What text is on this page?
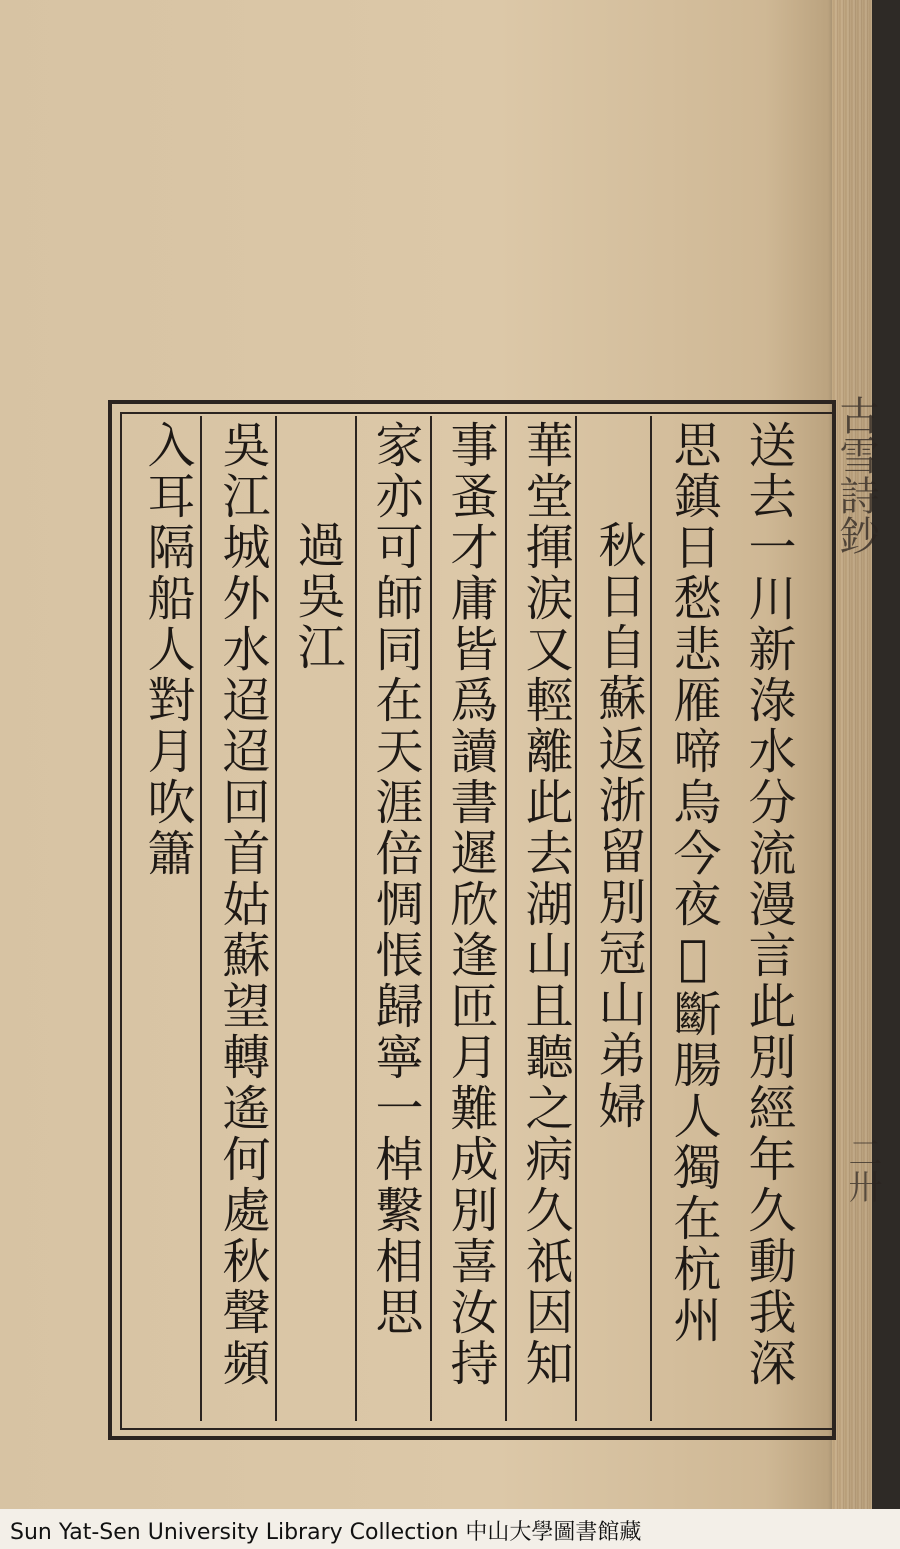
古雪詩鈔
二卅
送去一川新淥水分流漫言此別經年久動我深
思鎮日愁悲雁啼烏今夜𣲖斷腸人獨在杭州
秋日自蘇返浙留別冠山弟婦
華堂揮涙又輕離此去湖山且聽之病久祇因知
事蚤才庸皆爲讀書遲欣逢匝月難成別喜汝持
家亦可師同在天涯倍惆悵歸寧一棹繫相思
過吳江
吳江城外水迢迢回首姑蘇望轉遙何處秋聲頻
入耳隔船人對月吹簫
Sun Yat-Sen University Library Collection 中山大學圖書館藏
